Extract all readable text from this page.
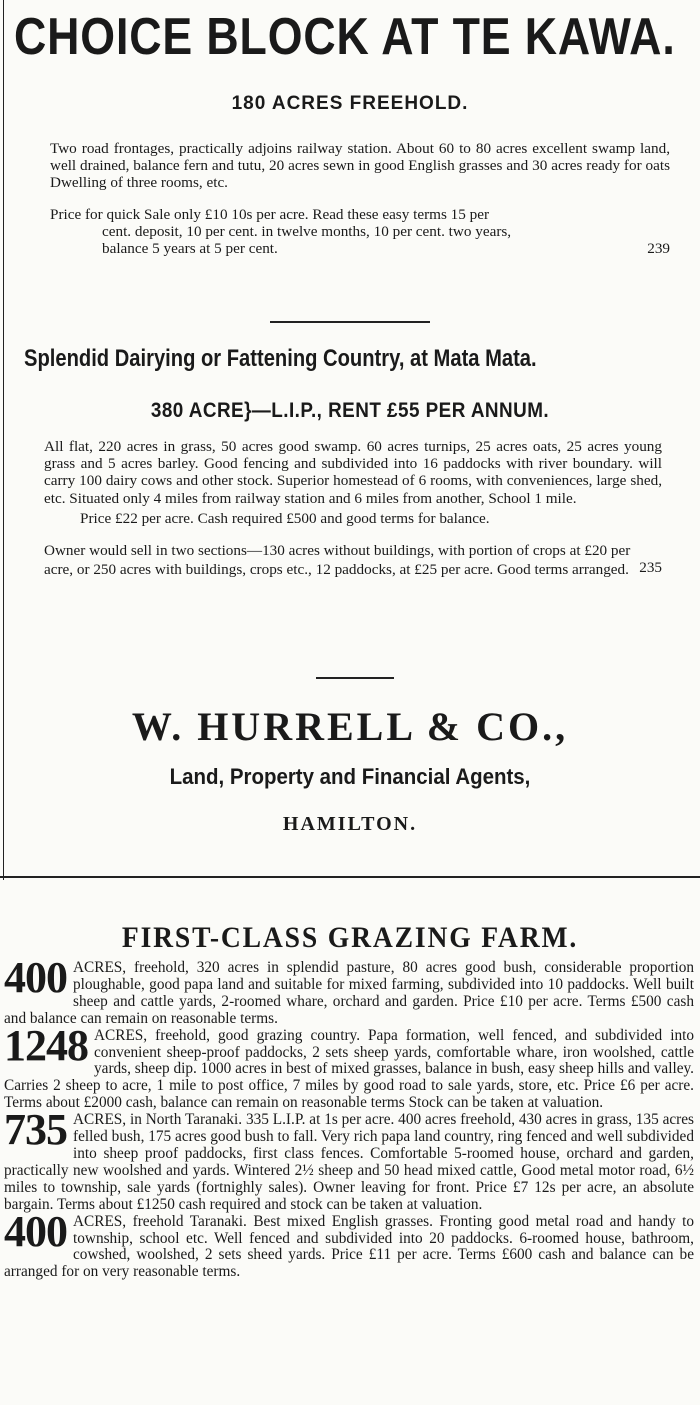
CHOICE BLOCK AT TE KAWA.
180 ACRES FREEHOLD.

Two road frontages, practically adjoins railway station. About 60 to 80 acres excellent swamp land, well drained, balance fern and tutu, 20 acres sewn in good English grasses and 30 acres ready for oats Dwelling of three rooms, etc.

Price for quick Sale only £10 10s per acre. Read these easy terms 15 per

cent. deposit, 10 per cent. in twelve months, 10 per cent. two years,

balance 5 years at 5 per cent.	239
Splendid Dairying or Fattening Country, at Mata Mata.
380 ACRE}—L.I.P., RENT £55 PER ANNUM.

All flat, 220 acres in grass, 50 acres good swamp. 60 acres turnips, 25 acres oats, 25 acres young grass and 5 acres barley. Good fencing and subdivided into 16 paddocks with river boundary. will carry 100 dairy cows and other stock. Superior homestead of 6 rooms, with conveniences, large shed, etc. Situated only 4 miles from railway station and 6 miles from another, School 1 mile.

Price £22 per acre. Cash required £500 and good terms for balance.

Owner would sell in two sections—130 acres without buildings, with portion of crops at £20 per acre, or 250 acres with buildings, crops etc., 12 paddocks, at £25 per acre. Good terms arranged. 235
W. HURRELL & CO.,
Land, Property and Financial Agents,
HAMILTON.
FIRST-CLASS GRAZING FARM.
400 ACRES, freehold, 320 acres in splendid pasture, 80 acres good bush, considerable proportion ploughable, good papa land and suitable for mixed farming, subdivided into 10 paddocks. Well built sheep and cattle yards, 2-roomed whare, orchard and garden. Price £10 per acre. Terms £500 cash and balance can remain on reasonable terms.
1248 ACRES, freehold, good grazing country. Papa formation, well fenced, and subdivided into convenient sheep-proof paddocks, 2 sets sheep yards, comfortable whare, iron woolshed, cattle yards, sheep dip. 1000 acres in best of mixed grasses, balance in bush, easy sheep hills and valley. Carries 2 sheep to acre, 1 mile to post office, 7 miles by good road to sale yards, store, etc. Price £6 per acre. Terms about £2000 cash, balance can remain on reasonable terms Stock can be taken at valuation.
735 ACRES, in North Taranaki. 335 L.I.P. at 1s per acre. 400 acres freehold, 430 acres in grass, 135 acres felled bush, 175 acres good bush to fall. Very rich papa land country, ring fenced and well subdivided into sheep proof paddocks, first class fences. Comfortable 5-roomed house, orchard and garden, practically new woolshed and yards. Wintered 2½ sheep and 50 head mixed cattle, Good metal motor road, 6½ miles to township, sale yards (fortnighly sales). Owner leaving for front. Price £7 12s per acre, an absolute bargain. Terms about £1250 cash required and stock can be taken at valuation.
400 ACRES, freehold Taranaki. Best mixed English grasses. Fronting good metal road and handy to township, school etc. Well fenced and subdivided into 20 paddocks. 6-roomed house, bathroom, cowshed, woolshed, 2 sets sheed yards. Price £11 per acre. Terms £600 cash and balance can be arranged for on very reasonable terms.
